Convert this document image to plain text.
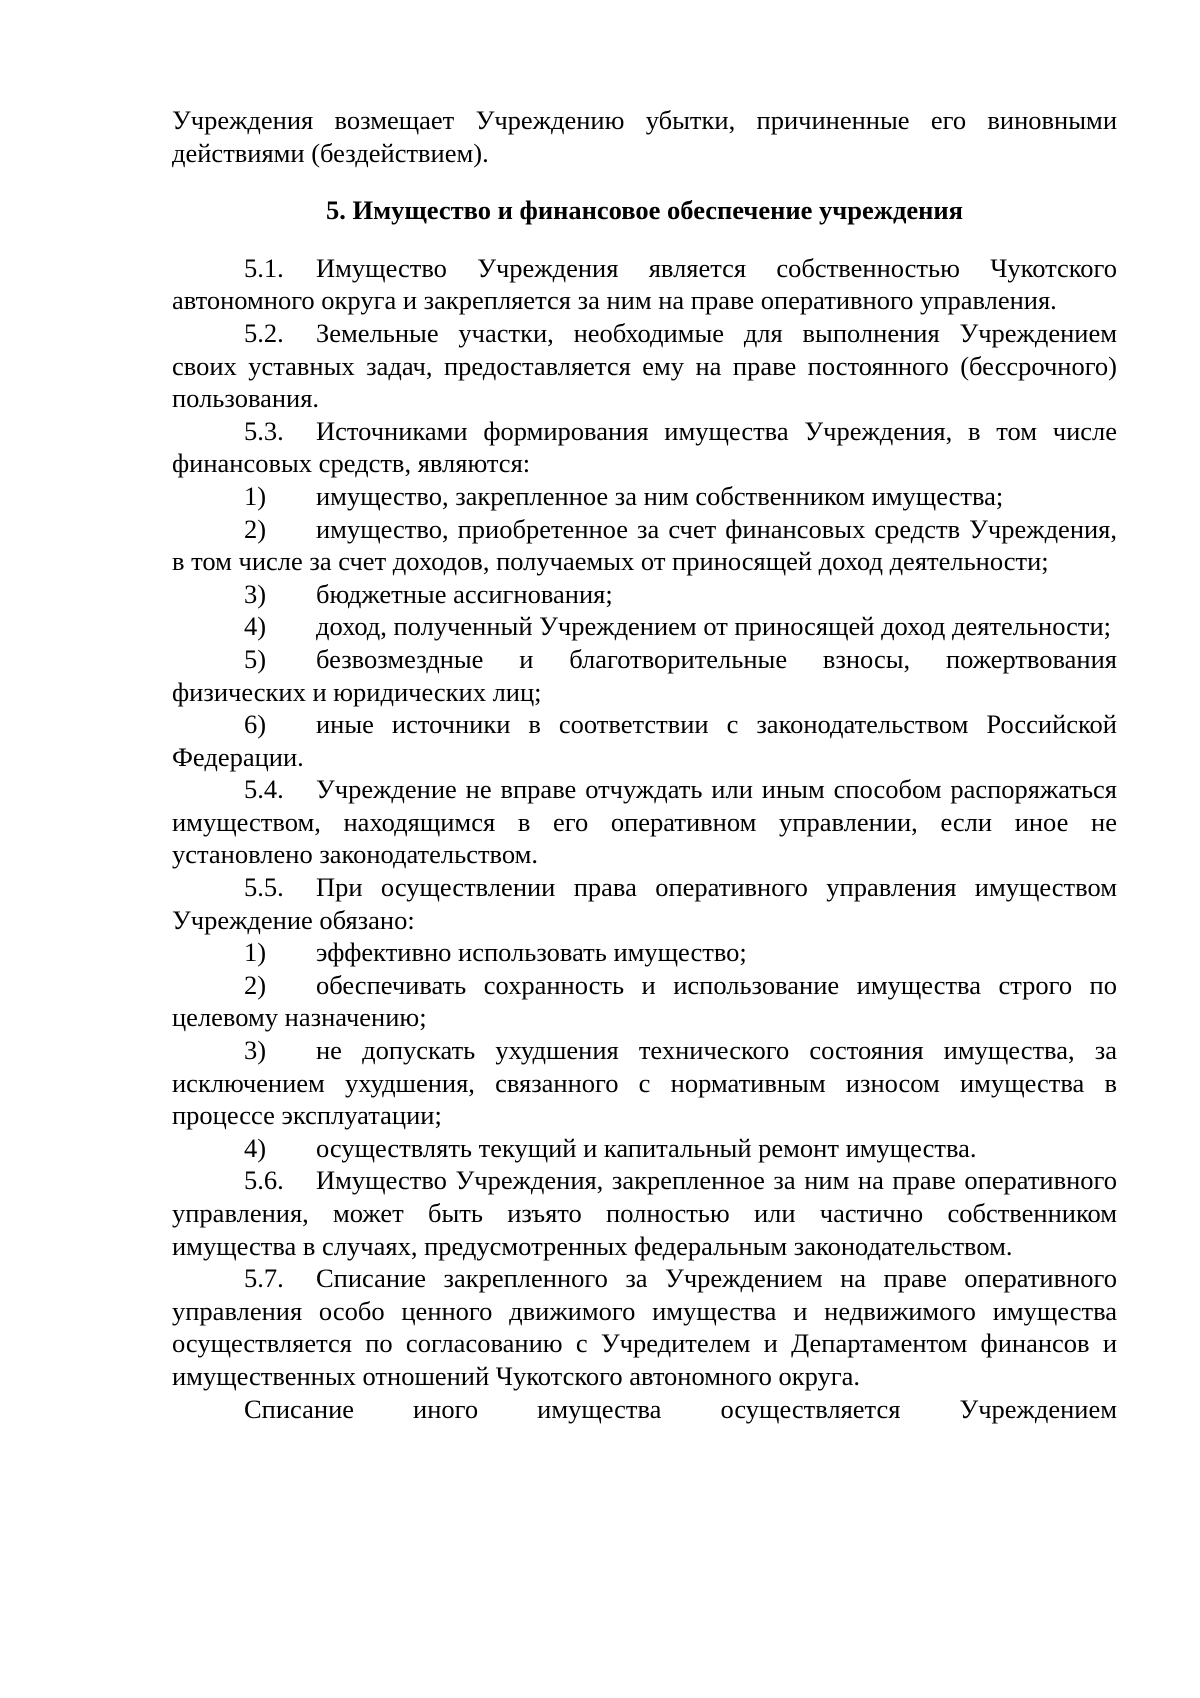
Учреждения возмещает Учреждению убытки, причиненные его виновными действиями (бездействием).

5. Имущество и финансовое обеспечение учреждения

5.1. Имущество Учреждения является собственностью Чукотского автономного округа и закрепляется за ним на праве оперативного управления.

5.2. Земельные участки, необходимые для выполнения Учреждением своих уставных задач, предоставляется ему на праве постоянного (бессрочного) пользования.

5.3. Источниками формирования имущества Учреждения, в том числе финансовых средств, являются:

1) имущество, закрепленное за ним собственником имущества;

2) имущество, приобретенное за счет финансовых средств Учреждения, в том числе за счет доходов, получаемых от приносящей доход деятельности;

3) бюджетные ассигнования;

4) доход, полученный Учреждением от приносящей доход деятельности;

5) безвозмездные и благотворительные взносы, пожертвования физических и юридических лиц;

6) иные источники в соответствии с законодательством Российской Федерации.

5.4. Учреждение не вправе отчуждать или иным способом распоряжаться имуществом, находящимся в его оперативном управлении, если иное не установлено законодательством.

5.5. При осуществлении права оперативного управления имуществом Учреждение обязано:

1) эффективно использовать имущество;

2) обеспечивать сохранность и использование имущества строго по целевому назначению;

3) не допускать ухудшения технического состояния имущества, за исключением ухудшения, связанного с нормативным износом имущества в процессе эксплуатации;

4) осуществлять текущий и капитальный ремонт имущества.

5.6. Имущество Учреждения, закрепленное за ним на праве оперативного управления, может быть изъято полностью или частично собственником имущества в случаях, предусмотренных федеральным законодательством.

5.7. Списание закрепленного за Учреждением на праве оперативного управления особо ценного движимого имущества и недвижимого имущества осуществляется по согласованию с Учредителем и Департаментом финансов и имущественных отношений Чукотского автономного округа.

Списание иного имущества осуществляется Учреждением
